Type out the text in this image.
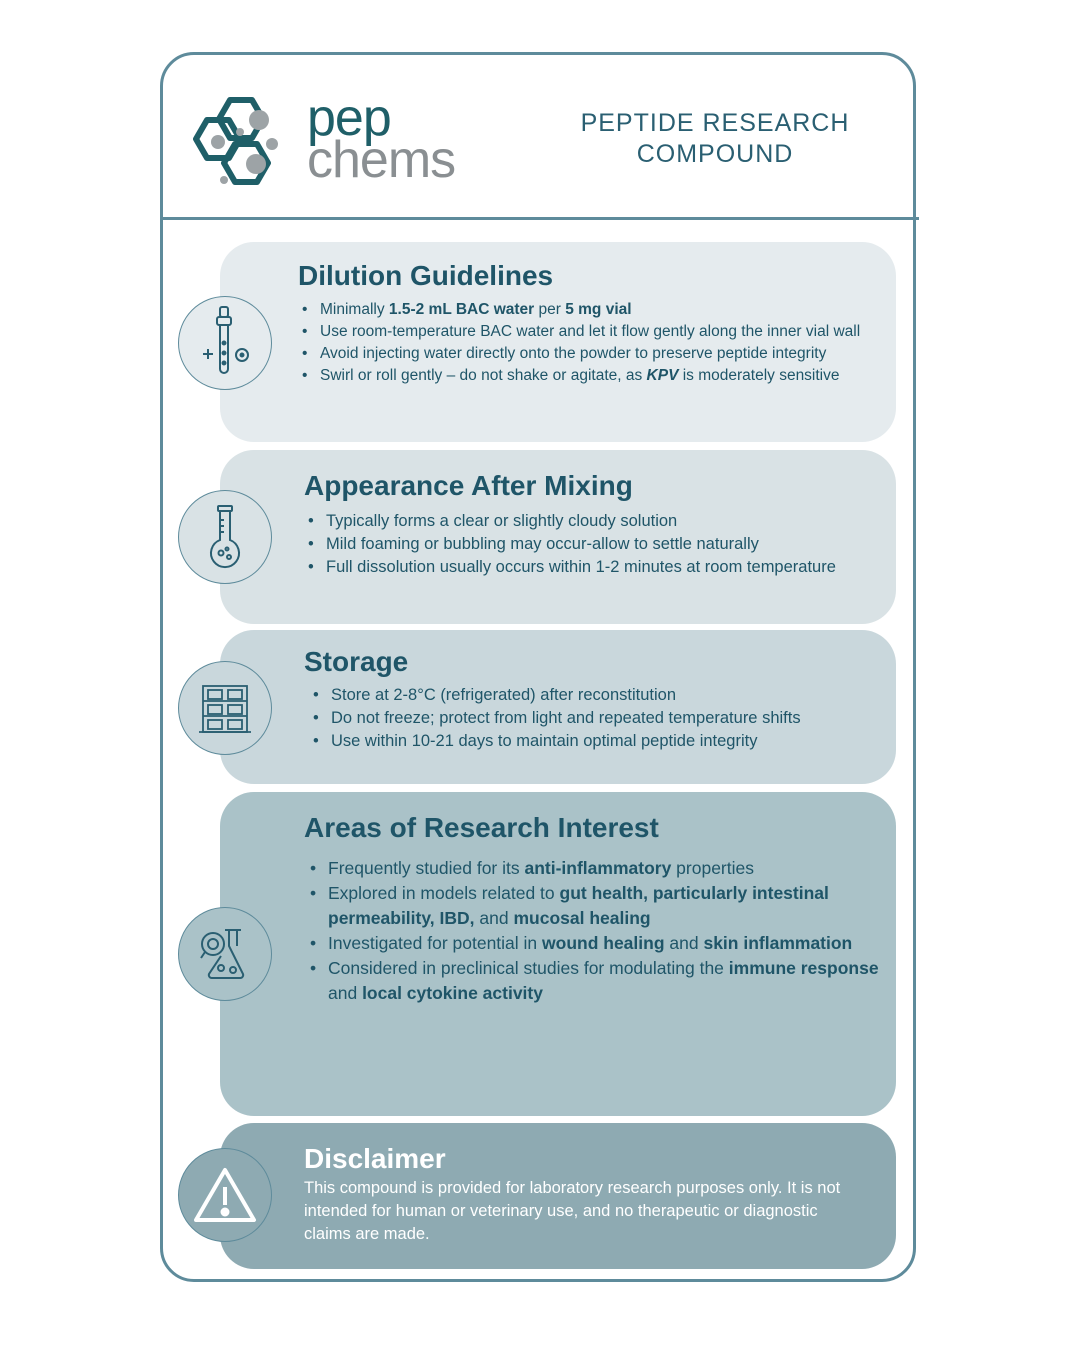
pep
chems
PEPTIDE RESEARCH
COMPOUND
Dilution Guidelines
• Minimally 1.5-2 mL BAC water per 5 mg vial
• Use room-temperature BAC water and let it flow gently along the inner vial wall
• Avoid injecting water directly onto the powder to preserve peptide integrity
• Swirl or roll gently – do not shake or agitate, as KPV is moderately sensitive
Appearance After Mixing
• Typically forms a clear or slightly cloudy solution
• Mild foaming or bubbling may occur-allow to settle naturally
• Full dissolution usually occurs within 1-2 minutes at room temperature
Storage
• Store at 2-8°C (refrigerated) after reconstitution
• Do not freeze; protect from light and repeated temperature shifts
• Use within 10-21 days to maintain optimal peptide integrity
Areas of Research Interest
• Frequently studied for its anti-inflammatory properties
• Explored in models related to gut health, particularly intestinal permeability, IBD, and mucosal healing
• Investigated for potential in wound healing and skin inflammation
• Considered in preclinical studies for modulating the immune response and local cytokine activity
Disclaimer

This compound is provided for laboratory research purposes only. It is not intended for human or veterinary use, and no therapeutic or diagnostic claims are made.
